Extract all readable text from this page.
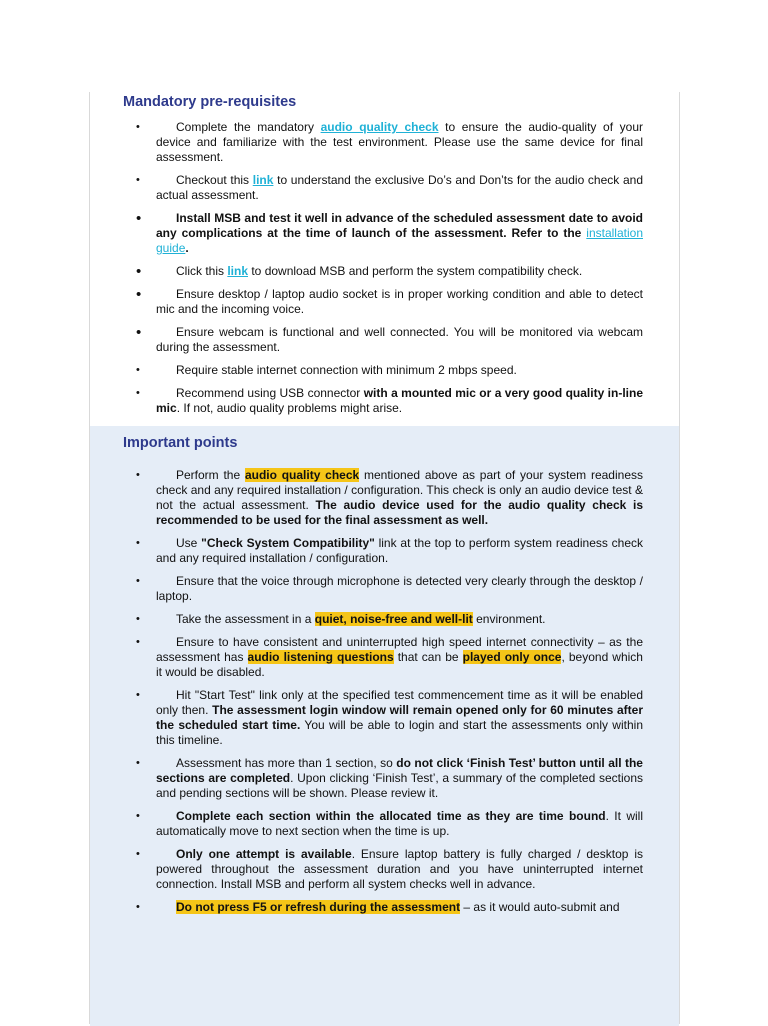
Mandatory pre-requisites
•	Complete the mandatory audio quality check to ensure the audio-quality of your device and familiarize with the test environment. Please use the same device for final assessment.
•	Checkout this link to understand the exclusive Do’s and Don’ts for the audio check and actual assessment.
•	Install MSB and test it well in advance of the scheduled assessment date to avoid any complications at the time of launch of the assessment. Refer to the installation guide.
•	Click this link to download MSB and perform the system compatibility check.
•	Ensure desktop / laptop audio socket is in proper working condition and able to detect mic and the incoming voice.
•	Ensure webcam is functional and well connected. You will be monitored via webcam during the assessment.
•	Require stable internet connection with minimum 2 mbps speed.
•	Recommend using USB connector with a mounted mic or a very good quality in-line mic. If not, audio quality problems might arise.
Important points
•	Perform the audio quality check mentioned above as part of your system readiness check and any required installation / configuration. This check is only an audio device test & not the actual assessment. The audio device used for the audio quality check is recommended to be used for the final assessment as well.
•	Use "Check System Compatibility" link at the top to perform system readiness check and any required installation / configuration.
•	Ensure that the voice through microphone is detected very clearly through the desktop / laptop.
•	Take the assessment in a quiet, noise-free and well-lit environment.
•	Ensure to have consistent and uninterrupted high speed internet connectivity – as the assessment has audio listening questions that can be played only once, beyond which it would be disabled.
•	Hit "Start Test" link only at the specified test commencement time as it will be enabled only then. The assessment login window will remain opened only for 60 minutes after the scheduled start time. You will be able to login and start the assessments only within this timeline.
•	Assessment has more than 1 section, so do not click ‘Finish Test’ button until all the sections are completed. Upon clicking ‘Finish Test’, a summary of the completed sections and pending sections will be shown. Please review it.
•	Complete each section within the allocated time as they are time bound. It will automatically move to next section when the time is up.
•	Only one attempt is available. Ensure laptop battery is fully charged / desktop is powered throughout the assessment duration and you have uninterrupted internet connection. Install MSB and perform all system checks well in advance.
•	Do not press F5 or refresh during the assessment – as it would auto-submit and
